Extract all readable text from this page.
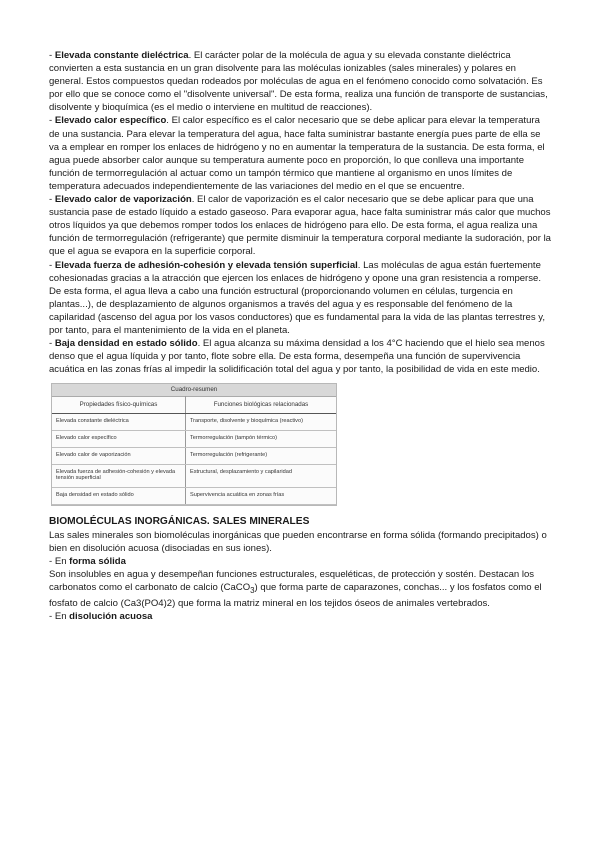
- Elevada constante dieléctrica. El carácter polar de la molécula de agua y su elevada constante dieléctrica convierten a esta sustancia en un gran disolvente para las moléculas ionizables (sales minerales) y polares en general. Estos compuestos quedan rodeados por moléculas de agua en el fenómeno conocido como solvatación. Es por ello que se conoce como el "disolvente universal". De esta forma, realiza una función de transporte de sustancias, disolvente y bioquímica (es el medio o interviene en multitud de reacciones).

- Elevado calor específico. El calor específico es el calor necesario que se debe aplicar para elevar la temperatura de una sustancia. Para elevar la temperatura del agua, hace falta suministrar bastante energía pues parte de ella se va a emplear en romper los enlaces de hidrógeno y no en aumentar la temperatura de la sustancia. De esta forma, el agua puede absorber calor aunque su temperatura aumente poco en proporción, lo que conlleva una importante función de termorregulación al actuar como un tampón térmico que mantiene al organismo en unos límites de temperatura adecuados independientemente de las variaciones del medio en el que se encuentre.

- Elevado calor de vaporización. El calor de vaporización es el calor necesario que se debe aplicar para que una sustancia pase de estado líquido a estado gaseoso. Para evaporar agua, hace falta suministrar más calor que muchos otros líquidos ya que debemos romper todos los enlaces de hidrógeno para ello. De esta forma, el agua realiza una función de termorregulación (refrigerante) que permite disminuir la temperatura corporal mediante la sudoración, por la que el agua se evapora en la superficie corporal.

- Elevada fuerza de adhesión-cohesión y elevada tensión superficial. Las moléculas de agua están fuertemente cohesionadas gracias a la atracción que ejercen los enlaces de hidrógeno y opone una gran resistencia a romperse. De esta forma, el agua lleva a cabo una función estructural (proporcionando volumen en células, turgencia en plantas...), de desplazamiento de algunos organismos a través del agua y es responsable del fenómeno de la capilaridad (ascenso del agua por los vasos conductores) que es fundamental para la vida de las plantas terrestres y, por tanto, para el mantenimiento de la vida en el planeta.

- Baja densidad en estado sólido. El agua alcanza su máxima densidad a los 4°C haciendo que el hielo sea menos denso que el agua líquida y por tanto, flote sobre ella. De esta forma, desempeña una función de supervivencia acuática en las zonas frías al impedir la solidificación total del agua y por tanto, la posibilidad de vida en este medio.

Cuadro-resumen
Propiedades físico-químicas	Funciones biológicas relacionadas
Elevada constante dieléctrica	Transporte, disolvente y bioquímica (reactivo)
Elevado calor específico	Termorregulación (tampón térmico)
Elevado calor de vaporización	Termorregulación (refrigerante)
Elevada fuerza de adhesión-cohesión y elevada tensión superficial	Estructural, desplazamiento y capilaridad
Baja densidad en estado sólido	Supervivencia acuática en zonas frías

BIOMOLÉCULAS INORGÁNICAS. SALES MINERALES

Las sales minerales son biomoléculas inorgánicas que pueden encontrarse en forma sólida (formando precipitados) o bien en disolución acuosa (disociadas en sus iones).

- En forma sólida

Son insolubles en agua y desempeñan funciones estructurales, esqueléticas, de protección y sostén. Destacan los carbonatos como el carbonato de calcio (CaCO$_3$) que forma parte de caparazones, conchas... y los fosfatos como el fosfato de calcio (Ca3(PO4)2) que forma la matriz mineral en los tejidos óseos de animales vertebrados.

- En disolución acuosa
